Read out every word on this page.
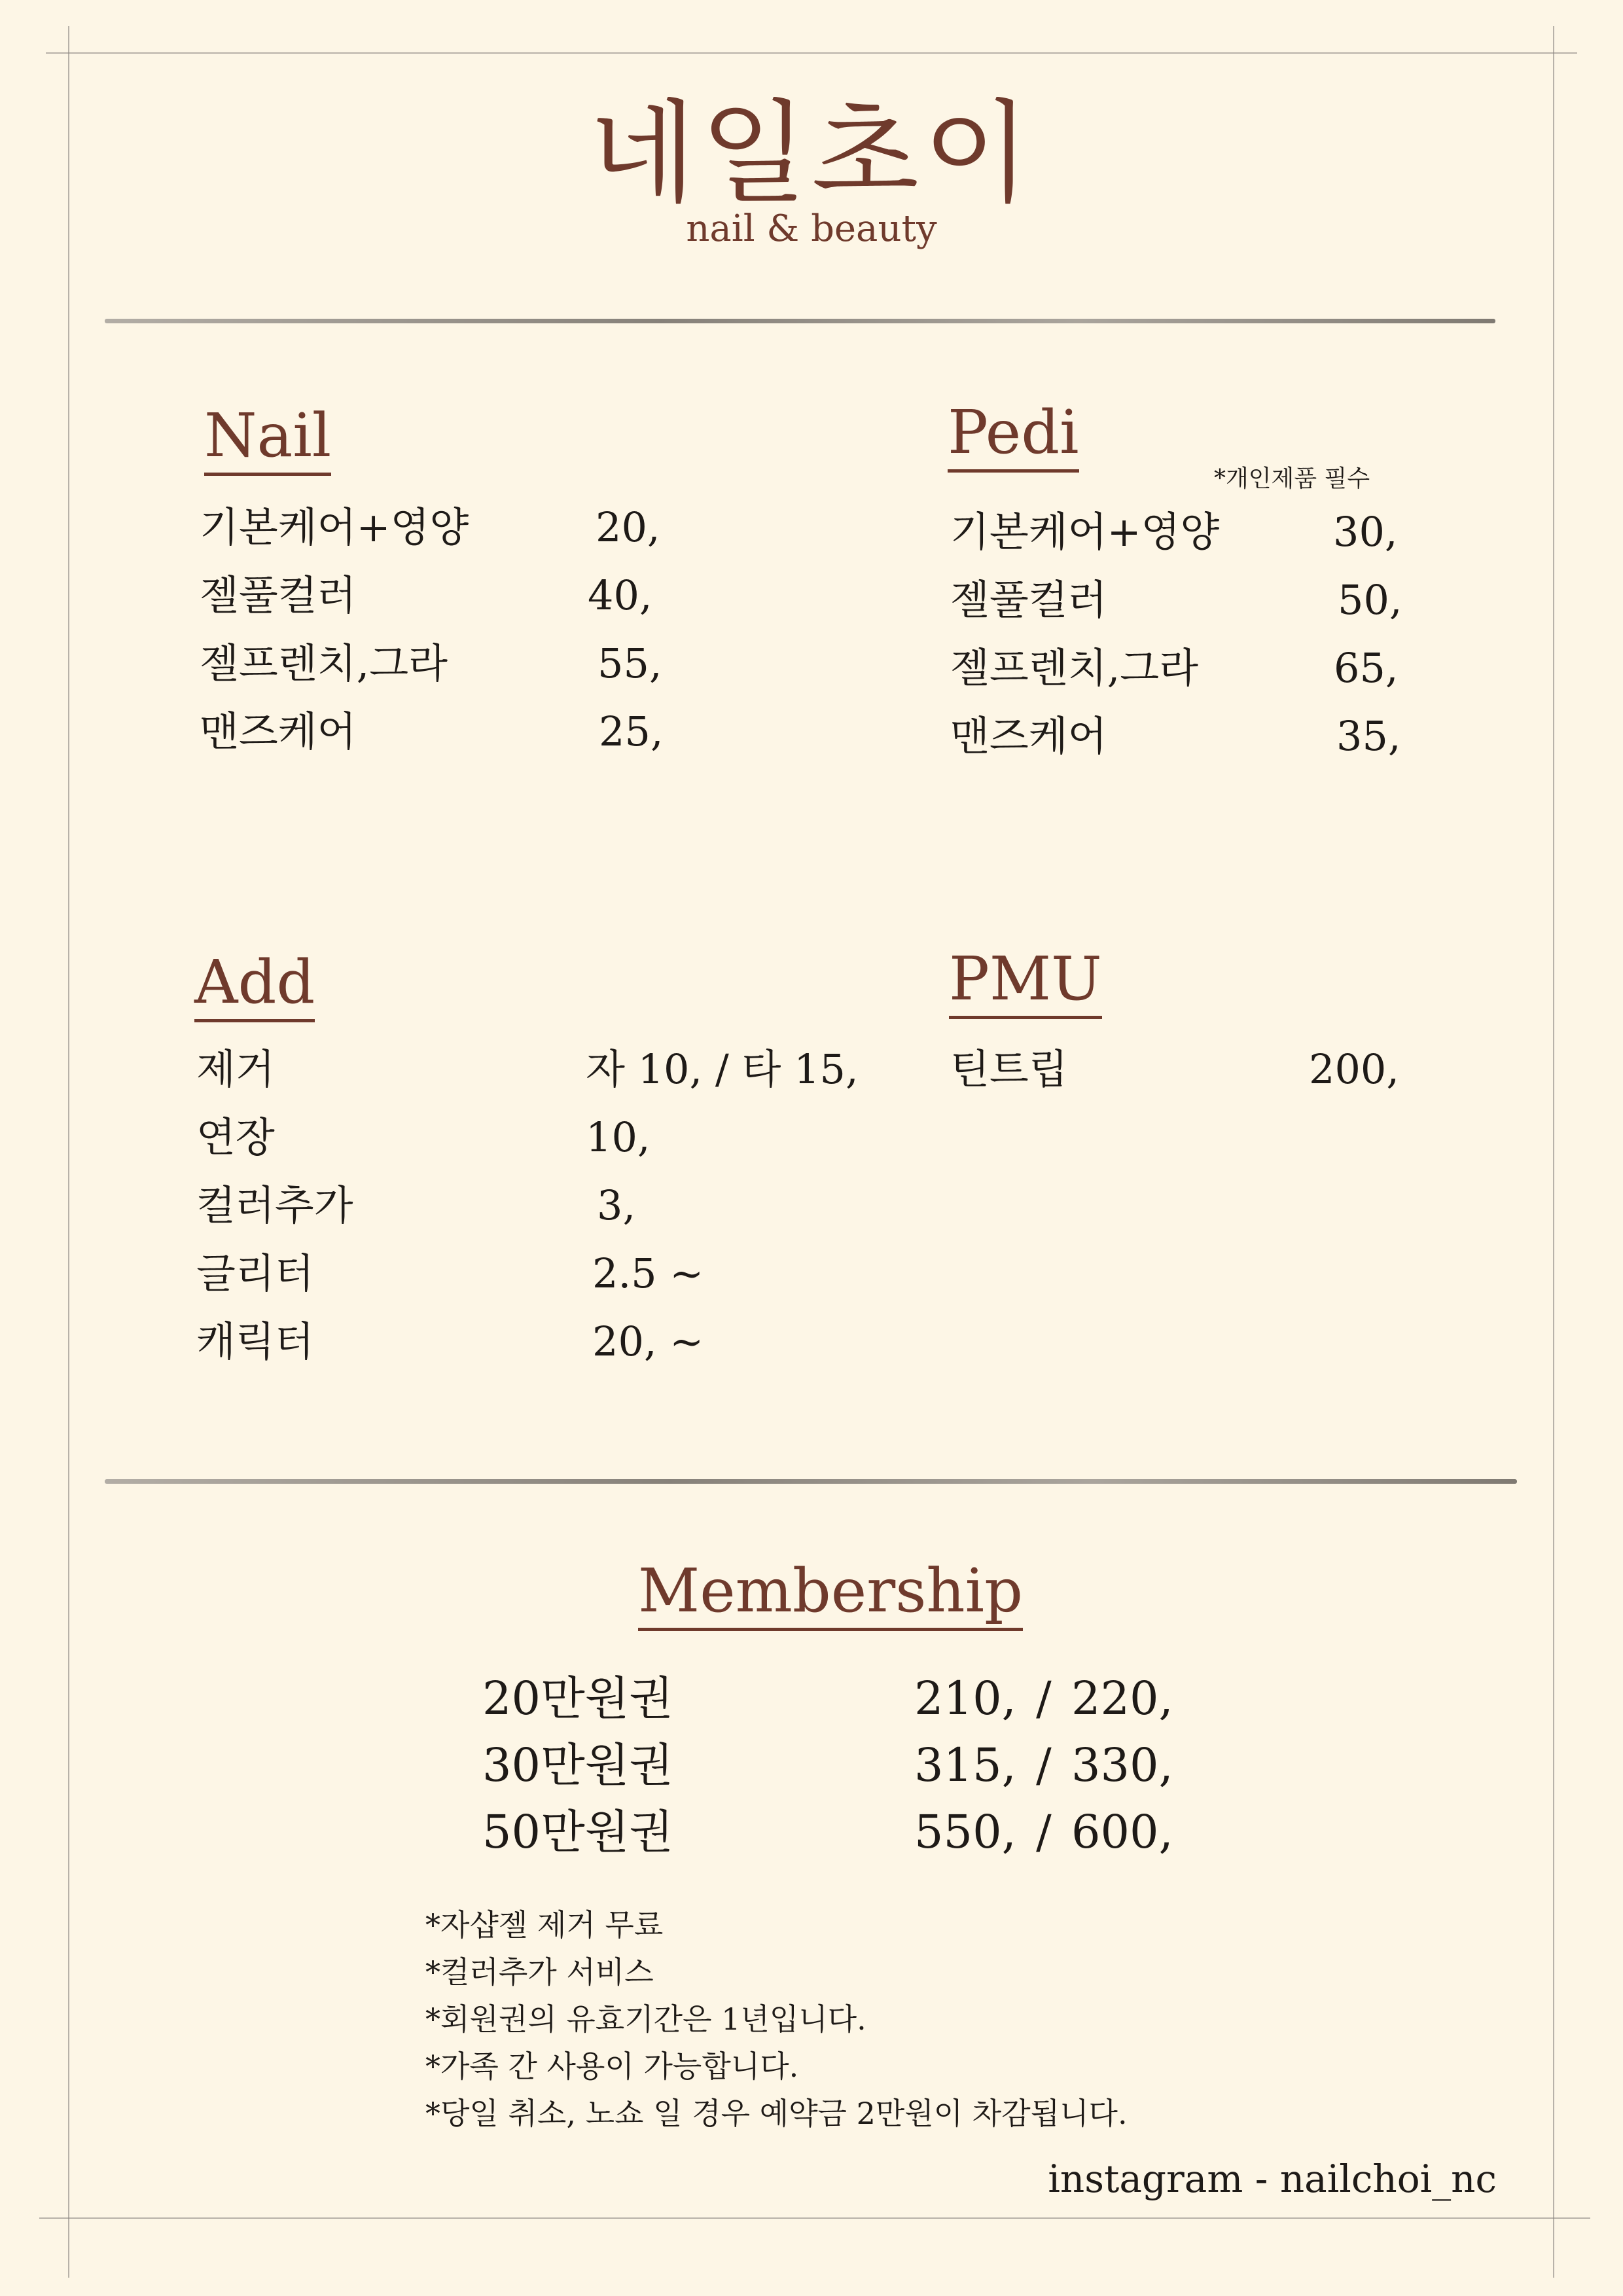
네일초이
nail & beauty
Nail
기본케어+영양	20,
젤풀컬러	40,
젤프렌치,그라	55,
맨즈케어	25,
Pedi
*개인제품 필수
기본케어+영양	30,
젤풀컬러	50,
젤프렌치,그라	65,
맨즈케어	35,
Add
제거	자 10, / 타 15,
연장	10,
컬러추가	3,
글리터	2.5 ~
캐릭터	20, ~
PMU
틴트립	200,
Membership
20만원권	210, / 220,
30만원권	315, / 330,
50만원권	550, / 600,
*자샵젤 제거 무료
*컬러추가 서비스
*회원권의 유효기간은 1년입니다.
*가족 간 사용이 가능합니다.
*당일 취소, 노쇼 일 경우 예약금 2만원이 차감됩니다.
instagram - nailchoi_nc
